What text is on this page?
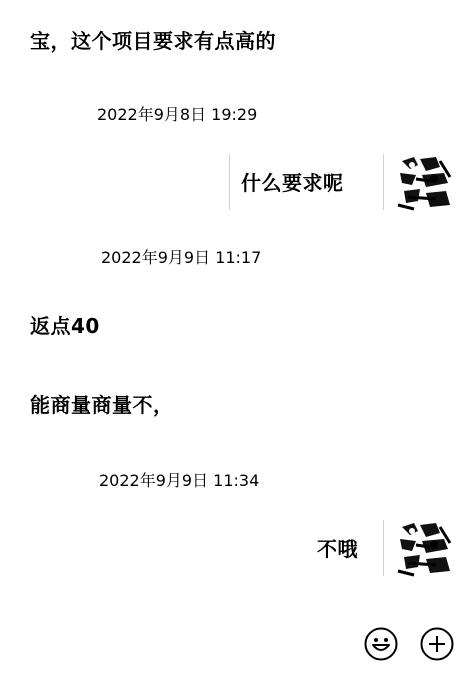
宝，这个项目要求有点高的
2022年9月8日 19:29
什么要求呢
2022年9月9日 11:17
返点40
能商量商量不，
2022年9月9日 11:34
不哦
